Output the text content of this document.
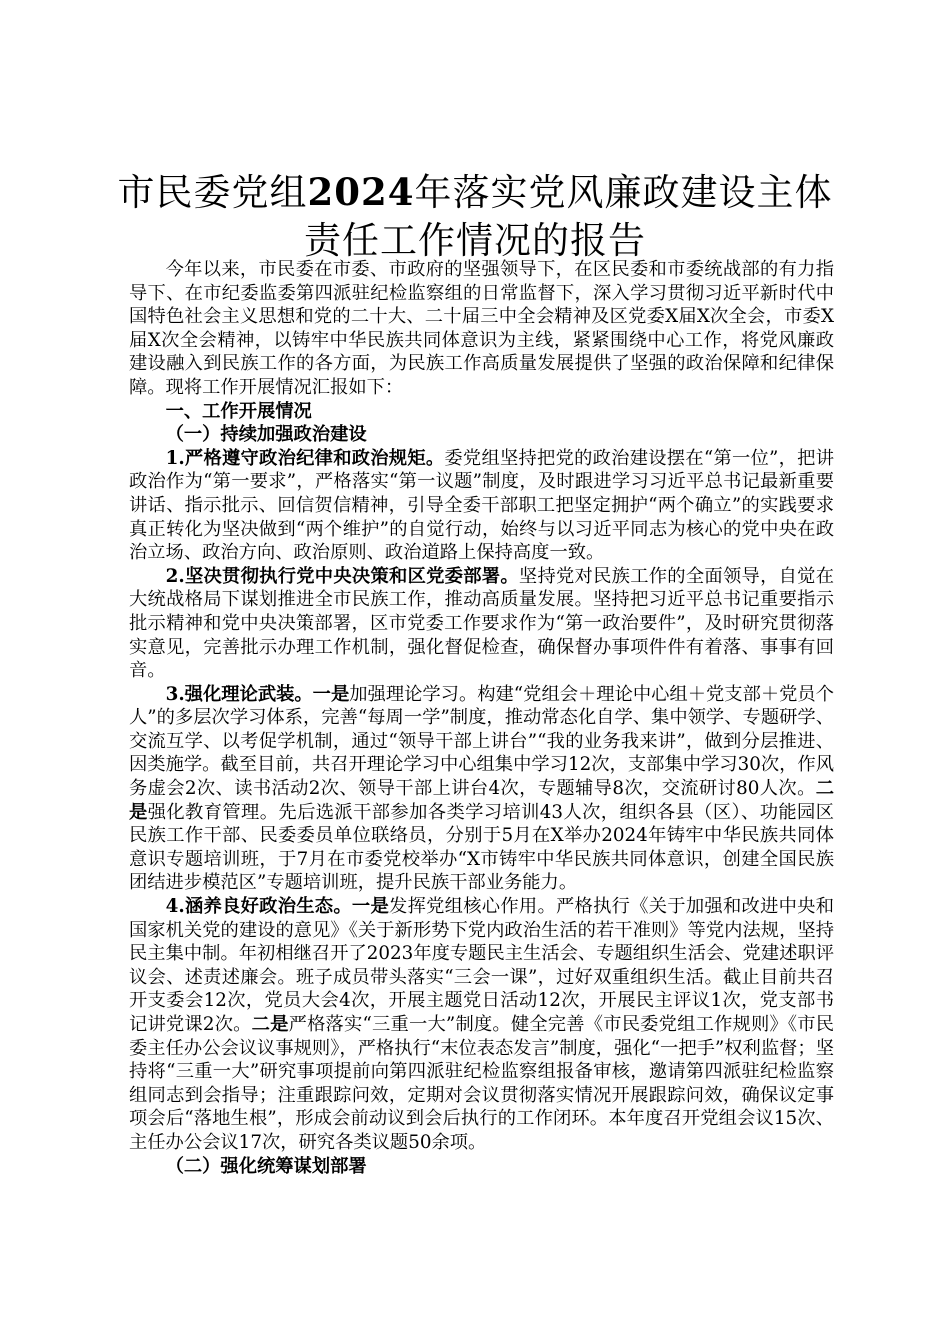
市民委党组2024年落实党风廉政建设主体责任工作情况的报告

今年以来，市民委在市委、市政府的坚强领导下，在区民委和市委统战部的有力指导下、在市纪委监委第四派驻纪检监察组的日常监督下，深入学习贯彻习近平新时代中国特色社会主义思想和党的二十大、二十届三中全会精神及区党委X届X次全会，市委X届X次全会精神，以铸牢中华民族共同体意识为主线，紧紧围绕中心工作，将党风廉政建设融入到民族工作的各方面，为民族工作高质量发展提供了坚强的政治保障和纪律保障。现将工作开展情况汇报如下：

一、工作开展情况

（一）持续加强政治建设

1.严格遵守政治纪律和政治规矩。委党组坚持把党的政治建设摆在“第一位”，把讲政治作为“第一要求”，严格落实“第一议题”制度，及时跟进学习习近平总书记最新重要讲话、指示批示、回信贺信精神，引导全委干部职工把坚定拥护“两个确立”的实践要求真正转化为坚决做到“两个维护”的自觉行动，始终与以习近平同志为核心的党中央在政治立场、政治方向、政治原则、政治道路上保持高度一致。

2.坚决贯彻执行党中央决策和区党委部署。坚持党对民族工作的全面领导，自觉在大统战格局下谋划推进全市民族工作，推动高质量发展。坚持把习近平总书记重要指示批示精神和党中央决策部署，区市党委工作要求作为“第一政治要件”，及时研究贯彻落实意见，完善批示办理工作机制，强化督促检查，确保督办事项件件有着落、事事有回音。

3.强化理论武装。一是加强理论学习。构建“党组会＋理论中心组＋党支部＋党员个人”的多层次学习体系，完善“每周一学”制度，推动常态化自学、集中领学、专题研学、交流互学、以考促学机制，通过“领导干部上讲台”“我的业务我来讲”，做到分层推进、因类施学。截至目前，共召开理论学习中心组集中学习12次，支部集中学习30次，作风务虚会2次、读书活动2次、领导干部上讲台4次，专题辅导8次，交流研讨80人次。二是强化教育管理。先后选派干部参加各类学习培训43人次，组织各县（区）、功能园区民族工作干部、民委委员单位联络员，分别于5月在X举办2024年铸牢中华民族共同体意识专题培训班，于7月在市委党校举办“X市铸牢中华民族共同体意识，创建全国民族团结进步模范区”专题培训班，提升民族干部业务能力。

4.涵养良好政治生态。一是发挥党组核心作用。严格执行《关于加强和改进中央和国家机关党的建设的意见》《关于新形势下党内政治生活的若干准则》等党内法规，坚持民主集中制。年初相继召开了2023年度专题民主生活会、专题组织生活会、党建述职评议会、述责述廉会。班子成员带头落实“三会一课”，过好双重组织生活。截止目前共召开支委会12次，党员大会4次，开展主题党日活动12次，开展民主评议1次，党支部书记讲党课2次。二是严格落实“三重一大”制度。健全完善《市民委党组工作规则》《市民委主任办公会议议事规则》，严格执行“末位表态发言”制度，强化“一把手”权利监督；坚持将“三重一大”研究事项提前向第四派驻纪检监察组报备审核，邀请第四派驻纪检监察组同志到会指导；注重跟踪问效，定期对会议贯彻落实情况开展跟踪问效，确保议定事项会后“落地生根”，形成会前动议到会后执行的工作闭环。本年度召开党组会议15次、主任办公会议17次，研究各类议题50余项。

（二）强化统筹谋划部署
